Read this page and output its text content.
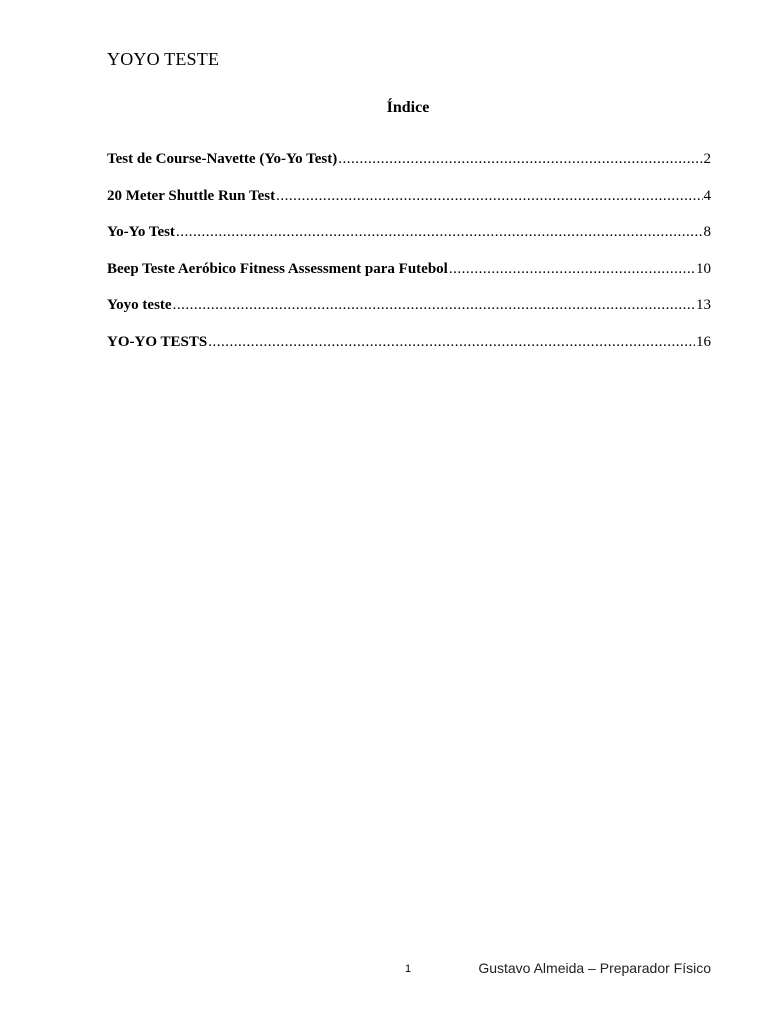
YOYO TESTE
Índice
Test de Course-Navette (Yo-Yo Test) .....	2
20 Meter Shuttle Run Test .....	4
Yo-Yo Test .....	8
Beep Teste Aeróbico Fitness Assessment para Futebol .....	10
Yoyo teste .....	13
YO-YO TESTS .....	16
1	Gustavo Almeida – Preparador Físico
